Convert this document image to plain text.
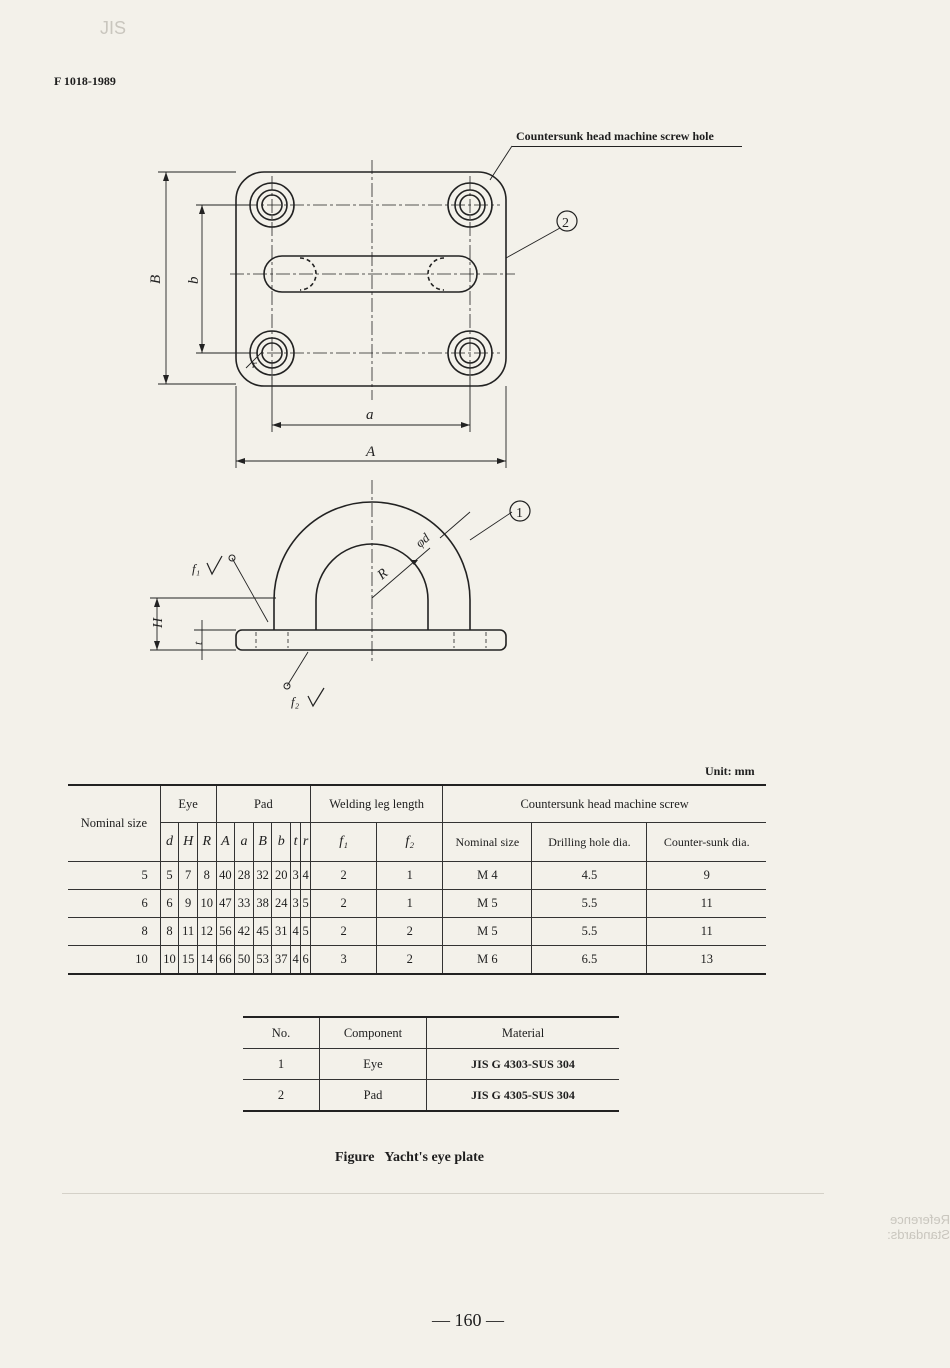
JIS
Reference Standards:
F 1018-1989
Countersunk head machine screw hole
B b
a
A
r
2
H
t
R
φd
f₁
f₂
1
Unit: mm
Nominal size	Eye			Pad						Welding leg length		Countersunk head machine screw		
	d	H	R	A	a	B	b	t	r	f₁	f₂	Nominal size	Drilling hole dia.	Counter-sunk dia.
5	5	7	8	40	28	32	20	3	4	2	1	M 4	4.5	9
6	6	9	10	47	33	38	24	3	5	2	1	M 5	5.5	11
8	8	11	12	56	42	45	31	4	5	2	2	M 5	5.5	11
10	10	15	14	66	50	53	37	4	6	3	2	M 6	6.5	13
No.	Component	Material
1	Eye	JIS G 4303-SUS 304
2	Pad	JIS G 4305-SUS 304
Figure Yacht's eye plate
— 160 —
